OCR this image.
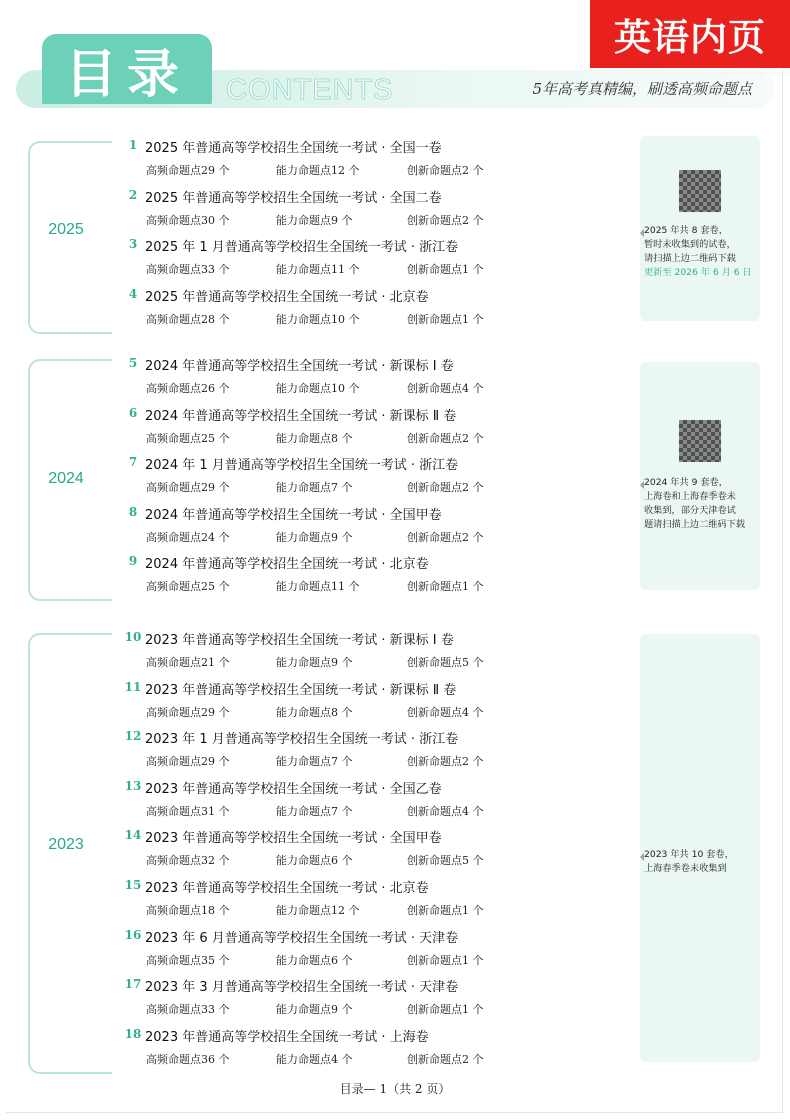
英语内页
目录	CONTENTS	5年高考真精编，刷透高频命题点
2025
1 2025 年普通高等学校招生全国统一考试 · 全国一卷
高频命题点29 个	能力命题点12 个	创新命题点2 个
2 2025 年普通高等学校招生全国统一考试 · 全国二卷
高频命题点30 个	能力命题点9 个	创新命题点2 个
3 2025 年 1 月普通高等学校招生全国统一考试 · 浙江卷
高频命题点33 个	能力命题点11 个	创新命题点1 个
4 2025 年普通高等学校招生全国统一考试 · 北京卷
高频命题点28 个	能力命题点10 个	创新命题点1 个
2025 年共 8 套卷，
暂时未收集到的试卷，
请扫描上边二维码下载
更新至 2026 年 6 月 6 日
2024
5 2024 年普通高等学校招生全国统一考试 · 新课标 Ⅰ 卷
高频命题点26 个	能力命题点10 个	创新命题点4 个
6 2024 年普通高等学校招生全国统一考试 · 新课标 Ⅱ 卷
高频命题点25 个	能力命题点8 个	创新命题点2 个
7 2024 年 1 月普通高等学校招生全国统一考试 · 浙江卷
高频命题点29 个	能力命题点7 个	创新命题点2 个
8 2024 年普通高等学校招生全国统一考试 · 全国甲卷
高频命题点24 个	能力命题点9 个	创新命题点2 个
9 2024 年普通高等学校招生全国统一考试 · 北京卷
高频命题点25 个	能力命题点11 个	创新命题点1 个
2024 年共 9 套卷，
上海卷和上海春季卷未
收集到，部分天津卷试
题请扫描上边二维码下载
2023
10 2023 年普通高等学校招生全国统一考试 · 新课标 Ⅰ 卷
高频命题点21 个	能力命题点9 个	创新命题点5 个
11 2023 年普通高等学校招生全国统一考试 · 新课标 Ⅱ 卷
高频命题点29 个	能力命题点8 个	创新命题点4 个
12 2023 年 1 月普通高等学校招生全国统一考试 · 浙江卷
高频命题点29 个	能力命题点7 个	创新命题点2 个
13 2023 年普通高等学校招生全国统一考试 · 全国乙卷
高频命题点31 个	能力命题点7 个	创新命题点4 个
14 2023 年普通高等学校招生全国统一考试 · 全国甲卷
高频命题点32 个	能力命题点6 个	创新命题点5 个
15 2023 年普通高等学校招生全国统一考试 · 北京卷
高频命题点18 个	能力命题点12 个	创新命题点1 个
16 2023 年 6 月普通高等学校招生全国统一考试 · 天津卷
高频命题点35 个	能力命题点6 个	创新命题点1 个
17 2023 年 3 月普通高等学校招生全国统一考试 · 天津卷
高频命题点33 个	能力命题点9 个	创新命题点1 个
18 2023 年普通高等学校招生全国统一考试 · 上海卷
高频命题点36 个	能力命题点4 个	创新命题点2 个
2023 年共 10 套卷，
上海春季卷未收集到
目录— 1（共 2 页）
